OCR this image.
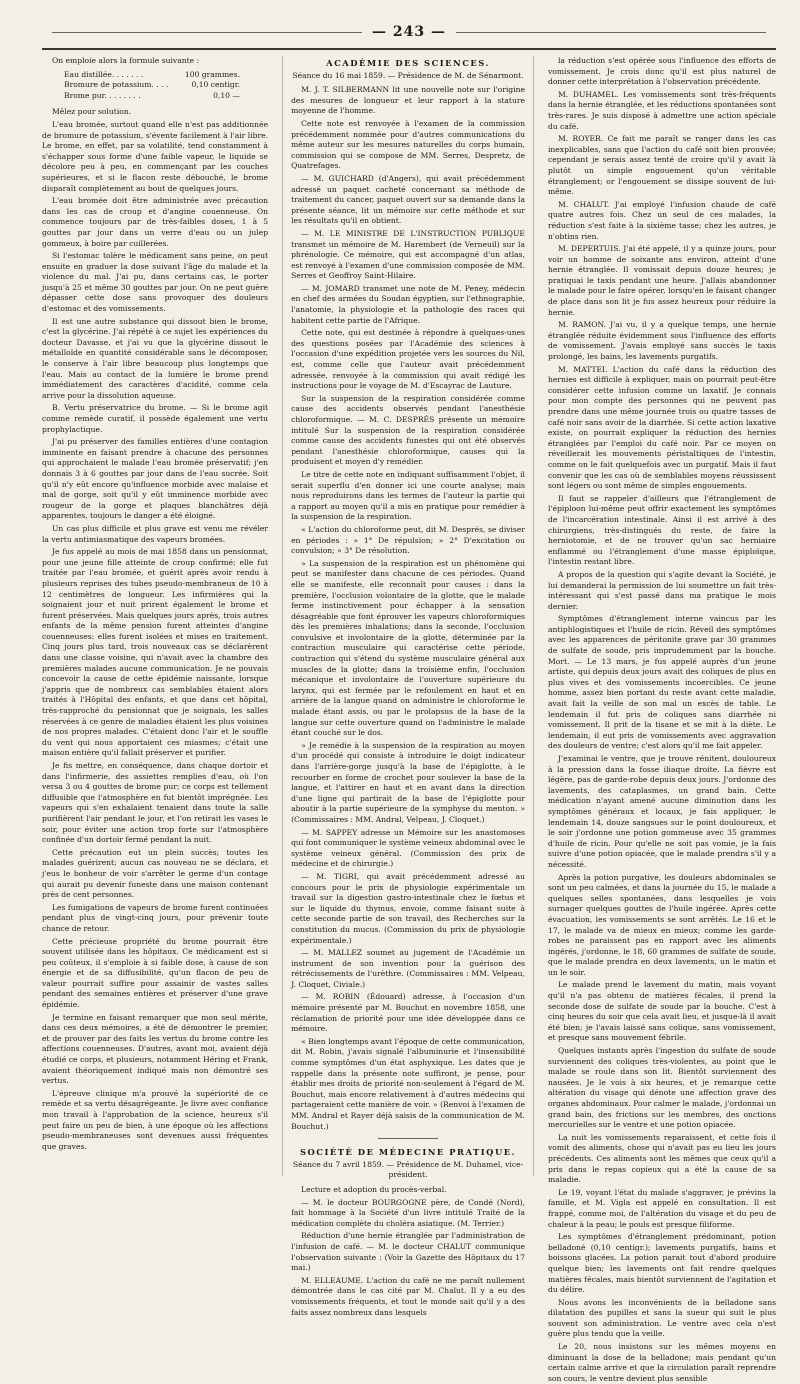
— 243 —

On emploie alors la formule suivante :

Eau distillée. . . . . . .	100 grammes.
Bromure de potassium. . . .	0,10 centigr.
Brome pur. . . . . . . .	0,10 —

Mêlez pour solution.

L'eau bromée, surtout quand elle n'est pas additionnée de bromure de potassium, s'évente facilement à l'air libre. Le brome, en effet, par sa volatilité, tend constamment à s'échapper sous forme d'une faible vapeur, le liquide se décolore peu à peu, en commençant par les couches supérieures, et si le flacon reste débouché, le brome disparaît complètement au bout de quelques jours.

L'eau bromée doit être administrée avec précaution dans les cas de croup et d'angine couenneuse. On commence toujours par de très-faibles doses, 1 à 5 gouttes par jour dans un verre d'eau ou un julep gommeux, à boire par cuillerées.

Si l'estomac tolère le médicament sans peine, on peut ensuite en graduer la dose suivant l'âge du malade et la violence du mal. J'ai pu, dans certains cas, le porter jusqu'à 25 et même 30 gouttes par jour. On ne peut guère dépasser cette dose sans provoquer des douleurs d'estomac et des vomissements.

Il est une autre substance qui dissout bien le brome, c'est la glycérine. J'ai répété à ce sujet les expériences du docteur Davasse, et j'ai vu que la glycérine dissout le métalloïde en quantité considérable sans le décomposer, le conserve à l'air libre beaucoup plus longtemps que l'eau. Mais au contact de la lumière le brome prend immédiatement des caractères d'acidité, comme cela arrive pour la dissolution aqueuse.

B. Vertu préservatrice du brome. — Si le brome agit comme remède curatif, il possède également une vertu prophylactique.

J'ai pu préserver des familles entières d'une contagion imminente en faisant prendre à chacune des personnes qui approchaient le malade l'eau bromée préservatif; j'en donnais 3 à 6 gouttes par jour dans de l'eau sucrée. Soit qu'il n'y eût encore qu'influence morbide avec malaise et mal de gorge, soit qu'il y eût imminence morbide avec rougeur de la gorge et plaques blanchâtres déjà apparentes, toujours le danger a été éloigné.

Un cas plus difficile et plus grave est venu me révéler la vertu antimiasmatique des vapeurs bromées.

Je fus appelé au mois de mai 1858 dans un pensionnat, pour une jeune fille atteinte de croup confirmé; elle fut traitée par l'eau bromée, et guérit après avoir rendu à plusieurs reprises des tubes pseudo-membraneux de 10 à 12 centimètres de longueur. Les infirmières qui la soignaient jour et nuit prirent également le brome et furent préservées. Mais quelques jours après, trois autres enfants de la même pension furent atteintes d'angine couenneuses: elles furent isolées et mises en traitement. Cinq jours plus tard, trois nouveaux cas se déclarèrent dans une classe voisine, qui n'avait avec la chambre des premières malades aucune communication. Je ne pouvais concevoir la cause de cette épidémie naissante, lorsque j'appris que de nombreux cas semblables étaient alors traités à l'Hôpital des enfants, et que dans cet hôpital, très-rapproché du pensionnat que je soignais, les salles réservées à ce genre de maladies étaient les plus voisines de nos propres malades. C'étaient donc l'air et le souffle du vent qui nous apportaient ces miasmes; c'était une maison entière qu'il fallait préserver et purifier.

Je fis mettre, en conséquence, dans chaque dortoir et dans l'infirmerie, des assiettes remplies d'eau, où l'on versa 3 ou 4 gouttes de brome pur; ce corps est tellement diffusible que l'atmosphère en fut bientôt imprégnée. Les vapeurs qui s'en exhalaient tenaient dans toute la salle purifièrent l'air pendant le jour, et l'on retirait les vases le soir, pour éviter une action trop forte sur l'atmosphère confinée d'un dortoir fermé pendant la nuit.

Cette précaution eut un plein succès; toutes les malades guérirent; aucun cas nouveau ne se déclara, et j'eus le bonheur de voir s'arrêter le germe d'un contage qui aurait pu devenir funeste dans une maison contenant près de cent personnes.

Les fumigations de vapeurs de brome furent continuées pendant plus de vingt-cinq jours, pour prévenir toute chance de retour.

Cette précieuse propriété du brome pourrait être souvent utilisée dans les hôpitaux. Ce médicament est si peu coûteux, il s'emploie à si faible dose, à cause de son énergie et de sa diffusibilité, qu'un flacon de peu de valeur pourrait suffire pour assainir de vastes salles pendant des semaines entières et préserver d'une grave épidémie.

Je termine en faisant remarquer que mon seul mérite, dans ces deux mémoires, a été de démontrer le premier, et de prouver par des faits les vertus du brome contre les affections couenneuses. D'autres, avant moi, avaient déjà étudié ce corps, et plusieurs, notamment Héring et Frank, avaient théoriquement indiqué mais non démontré ses vertus.

L'épreuve clinique m'a prouvé la supériorité de ce remède et sa vertu désagrégeante. Je livre avec confiance mon travail à l'approbation de la science, heureux s'il peut faire un peu de bien, à une époque où les affections pseudo-membraneuses sont devenues aussi fréquentes que graves.

ACADÉMIE DES SCIENCES.
Séance du 16 mai 1859. — Présidence de M. de Sénarmont.

M. J. T. SILBERMANN lit une nouvelle note sur l'origine des mesures de longueur et leur rapport à la stature moyenne de l'homme.

Cette note est renvoyée à l'examen de la commission précédemment nommée pour d'autres communications du même auteur sur les mesures naturelles du corps humain, commission qui se compose de MM. Serres, Despretz, de Quatrefages.

— M. GUICHARD (d'Angers), qui avait précédemment adressé un paquet cacheté concernant sa méthode de traitement du cancer, paquet ouvert sur sa demande dans la présente séance, lit un mémoire sur cette méthode et sur les résultats qu'il en obtient.

— M. LE MINISTRE DE L'INSTRUCTION PUBLIQUE transmet un mémoire de M. Harembert (de Verneuil) sur la phrénologie. Ce mémoire, qui est accompagné d'un atlas, est renvoyé à l'examen d'une commission composée de MM. Serres et Geoffroy Saint-Hilaire.

— M. JOMARD transmet une note de M. Peney, médecin en chef des armées du Soudan égyptien, sur l'ethnographie, l'anatomie, la physiologie et la pathologie des races qui habitent cette partie de l'Afrique.

Cette note, qui est destinée à répondre à quelques-unes des questions posées par l'Académie des sciences à l'occasion d'une expédition projetée vers les sources du Nil, est, comme celle que l'auteur avait précédemment adressée, renvoyée à la commission qui avait rédigé les instructions pour le voyage de M. d'Escayrac de Lauture.

Sur la suspension de la respiration considérée comme cause des accidents observés pendant l'anesthésie chloroformique. — M. C. DESPRÉS présente un mémoire intitulé Sur la suspension de la respiration considérée comme cause des accidents funestes qui ont été observés pendant l'anesthésie chloroformique, causes qui la produisent et moyen d'y remédier.

Le titre de cette note en indiquant suffisamment l'objet, il serait superflu d'en donner ici une courte analyse; mais nous reproduirons dans les termes de l'auteur la partie qui a rapport au moyen qu'il a mis en pratique pour remédier à la suspension de la respiration.

« L'action du chloroforme peut, dit M. Després, se diviser en périodes : » 1° De répulsion; » 2° D'excitation ou convulsion; » 3° De résolution.

» La suspension de la respiration est un phénomène qui peut se manifester dans chacune de ces périodes. Quand elle se manifeste, elle reconnaît pour causes : dans la première, l'occlusion volontaire de la glotte, que le malade ferme instinctivement pour échapper à la sensation désagréable que font éprouver les vapeurs chloroformiques dès les premières inhalations; dans la seconde, l'occlusion convulsive et involontaire de la glotte, déterminée par la contraction musculaire qui caractérise cette période, contraction qui s'étend du système musculaire général aux muscles de la glotte; dans la troisième enfin, l'occlusion mécanique et involontaire de l'ouverture supérieure du larynx, qui est fermée par le refoulement en haut et en arrière de la langue quand on administre le chloroforme le malade étant assis, ou par le prolapsus de la base de la langue sur cette ouverture quand on l'administre le malade étant couché sur le dos.

» Je remédie à la suspension de la respiration au moyen d'un procédé qui consiste à introduire le doigt indicateur dans l'arrière-gorge jusqu'à la base de l'épiglotte, à le recourber en forme de crochet pour soulever la base de la langue, et l'attirer en haut et en avant dans la direction d'une ligne qui partirait de la base de l'épiglotte pour aboutir à la partie supérieure de la symphyse du menton. » (Commissaires : MM. Andral, Velpeau, J. Cloquet.)

— M. SAPPEY adresse un Mémoire sur les anastomoses qui font communiquer le système veineux abdominal avec le système veineux général. (Commission des prix de médecine et de chirurgie.)

— M. TIGRI, qui avait précédemment adressé au concours pour le prix de physiologie expérimentale un travail sur la digestion gastro-intestinale chez le fœtus et sur le liquide du thymus, envoie, comme faisant suite à cette seconde partie de son travail, des Recherches sur la constitution du mucus. (Commission du prix de physiologie expérimentale.)

— M. MALLEZ soumet au jugement de l'Académie un instrument de son invention pour la guérison des rétrécissements de l'urèthre. (Commissaires : MM. Velpeau, J. Cloquet, Civiale.)

— M. ROBIN (Édouard) adresse, à l'occasion d'un mémoire présenté par M. Bouchut en novembre 1858, une réclamation de priorité pour une idée développée dans ce mémoire.

« Bien longtemps avant l'époque de cette communication, dit M. Robin, j'avais signalé l'albuminurie et l'insensibilité comme symptômes d'un état asphyxique. Les dates que je rappelle dans la présente note suffiront, je pense, pour établir mes droits de priorité non-seulement à l'égard de M. Bouchut, mais encore relativement à d'autres médecins qui partageraient cette manière de voir. » (Renvoi à l'examen de MM. Andral et Rayer déjà saisis de la communication de M. Bouchut.)

SOCIÉTÉ DE MÉDECINE PRATIQUE.
Séance du 7 avril 1859. — Présidence de M. Duhamel, vice-président.

Lecture et adoption du procès-verbal.

— M. le docteur BOURGOGNE père, de Condé (Nord), fait hommage à la Société d'un livre intitulé Traité de la médication complète du choléra asiatique. (M. Terrier.)

Réduction d'une hernie étranglée par l'administration de l'infusion de café. — M. le docteur CHALUT communique l'observation suivante : (Voir la Gazette des Hôpitaux du 17 mai.)

M. ELLEAUME. L'action du café ne me paraît nullement démontrée dans le cas cité par M. Chalut. Il y a eu des vomissements fréquents, et tout le monde sait qu'il y a des faits assez nombreux dans lesquels

la réduction s'est opérée sous l'influence des efforts de vomissement. Je crois donc qu'il est plus naturel de donner cette interprétation à l'observation précédente.

M. DUHAMEL. Les vomissements sont très-fréquents dans la hernie étranglée, et les réductions spontanées sont très-rares. Je suis disposé à admettre une action spéciale du café.

M. ROYER. Ce fait me paraît se ranger dans les cas inexplicables, sans que l'action du café soit bien prouvée; cependant je serais assez tenté de croire qu'il y avait là plutôt un simple engouement qu'un véritable étranglement; or l'engouement se dissipe souvent de lui-même.

M. CHALUT. J'ai employé l'infusion chaude de café quatre autres fois. Chez un seul de ces malades, la réduction s'est faite à la sixième tasse; chez les autres, je n'obtins rien.

M. DEPERTUIS. J'ai été appelé, il y a quinze jours, pour voir un homme de soixante ans environ, atteint d'une hernie étranglée. Il vomissait depuis douze heures; je pratiquai le taxis pendant une heure. J'allais abandonner le malade pour le faire opérer, lorsqu'en le faisant changer de place dans son lit je fus assez heureux pour réduire la hernie.

M. RAMON. J'ai vu, il y a quelque temps, une hernie étranglée réduite évidemment sous l'influence des efforts de vomissement. J'avais employé sans succès le taxis prolongé, les bains, les lavements purgatifs.

M. MATTEI. L'action du café dans la réduction des hernies est difficile à expliquer, mais on pourrait peut-être considérer cette infusion comme un laxatif. Je connais pour mon compte des personnes qui ne peuvent pas prendre dans une même journée trois ou quatre tasses de café noir sans avoir de la diarrhée. Si cette action laxative existe, on pourrait expliquer la réduction des hernies étranglées par l'emploi du café noir. Par ce moyen on réveillerait les mouvements péristaltiques de l'intestin, comme on le fait quelquefois avec un purgatif. Mais il faut convenir que les cas où de semblables moyens réussissent sont légers ou sont même de simples engouements.

Il faut se rappeler d'ailleurs que l'étranglement de l'épiploon lui-même peut offrir exactement les symptômes de l'incarcération intestinale. Ainsi il est arrivé à des chirurgiens, très-distingués du reste, de faire la herniotomie, et de ne trouver qu'un sac herniaire enflammé ou l'étranglement d'une masse épiploïque, l'intestin restant libre.

A propos de la question qui s'agite devant la Société, je lui demanderai la permission de lui soumettre un fait très-intéressant qui s'est passé dans ma pratique le mois dernier.

Symptômes d'étranglement interne vaincus par les antiphlogistiques et l'huile de ricin. Réveil des symptômes avec les apparences de péritonite grave par 30 grammes de sulfate de soude, pris imprudemment par la bouche. Mort. — Le 13 mars, je fus appelé auprès d'un jeune artiste, qui depuis deux jours avait des coliques de plus en plus vives et des vomissements incoercibles. Ce jeune homme, assez bien portant du reste avant cette maladie, avait fait la veille de son mal un excès de table. Le lendemain il fut pris de coliques sans diarrhée ni vomissement. Il prit de la tisane et se mit à la diète. Le lendemain, il eut pris de vomissements avec aggravation des douleurs de ventre; c'est alors qu'il me fait appeler.

J'examinai le ventre, que je trouve rénitent, douloureux à la pression dans la fosse iliaque droite. La fièvre est légère, pas de garde-robe depuis deux jours. J'ordonne des lavements, des cataplasmes, un grand bain. Cette médication n'ayant amené aucune diminution dans les symptômes généraux et locaux, je fais appliquer, le lendemain 14, douze sangsues sur le point douloureux, et le soir j'ordonne une potion gommeuse avec 35 grammes d'huile de ricin. Pour qu'elle ne soit pas vomie, je la fais suivre d'une potion opiacée, que le malade prendra s'il y a nécessité.

Après la potion purgative, les douleurs abdominales se sont un peu calmées, et dans la journée du 15, le malade a quelques selles spontanées, dans lesquelles je vois surnager quelques gouttes de l'huile ingérée. Après cette évacuation, les vomissements se sont arrêtés. Le 16 et le 17, le malade va de mieux en mieux; comme les garde-robes ne paraissent pas en rapport avec les aliments ingérés, j'ordonne, le 18, 60 grammes de sulfate de soude, que le malade prendra en deux lavements, un le matin et un le soir.

Le malade prend le lavement du matin, mais voyant qu'il n'a pas obtenu de matières fécales, il prend la seconde dose de sulfate de soude par la bouche. C'est à cinq heures du soir que cela avait lieu, et jusque-là il avait été bien; je l'avais laissé sans colique, sans vomissement, et presque sans mouvement fébrile.

Quelques instants après l'ingestion du sulfate de soude surviennent des coliques très-violentes, au point que le malade se roule dans son lit. Bientôt surviennent des nausées. Je le vois à six heures, et je remarque cette altération du visage qui dénote une affection grave des organes abdominaux. Pour calmer le malade, j'ordonnai un grand bain, des frictions sur les membres, des onctions mercurielles sur le ventre et une potion opiacée.

La nuit les vomissements reparaissent, et cette fois il vomit des aliments, chose qui n'avait pas eu lieu les jours précédents. Ces aliments sont les mêmes que ceux qu'il a pris dans le repas copieux qui a été la cause de sa maladie.

Le 19, voyant l'état du malade s'aggraver, je prévins la famille, et M. Vigla est appelé en consultation. Il est frappé, comme moi, de l'altération du visage et du peu de chaleur à la peau; le pouls est presque filiforme.

Les symptômes d'étranglement prédominant, potion belladoné (0,10 centigr.); lavements purgatifs, bains et boissons glacées. La potion parait tout d'abord produire quelque bien; les lavements ont fait rendre quelques matières fécales, mais bientôt surviennent de l'agitation et du délire.

Nous avons les inconvénients de la belladone sans dilatation des pupilles et sans la sueur qui suit le plus souvent son administration. Le ventre avec cela n'est guère plus tendu que la veille.

Le 20, nous insistons sur les mêmes moyens en diminuant la dose de la belladone; mais pendant qu'un certain calme arrive et que la circulation paraît reprendre son cours, le ventre devient plus sensible
